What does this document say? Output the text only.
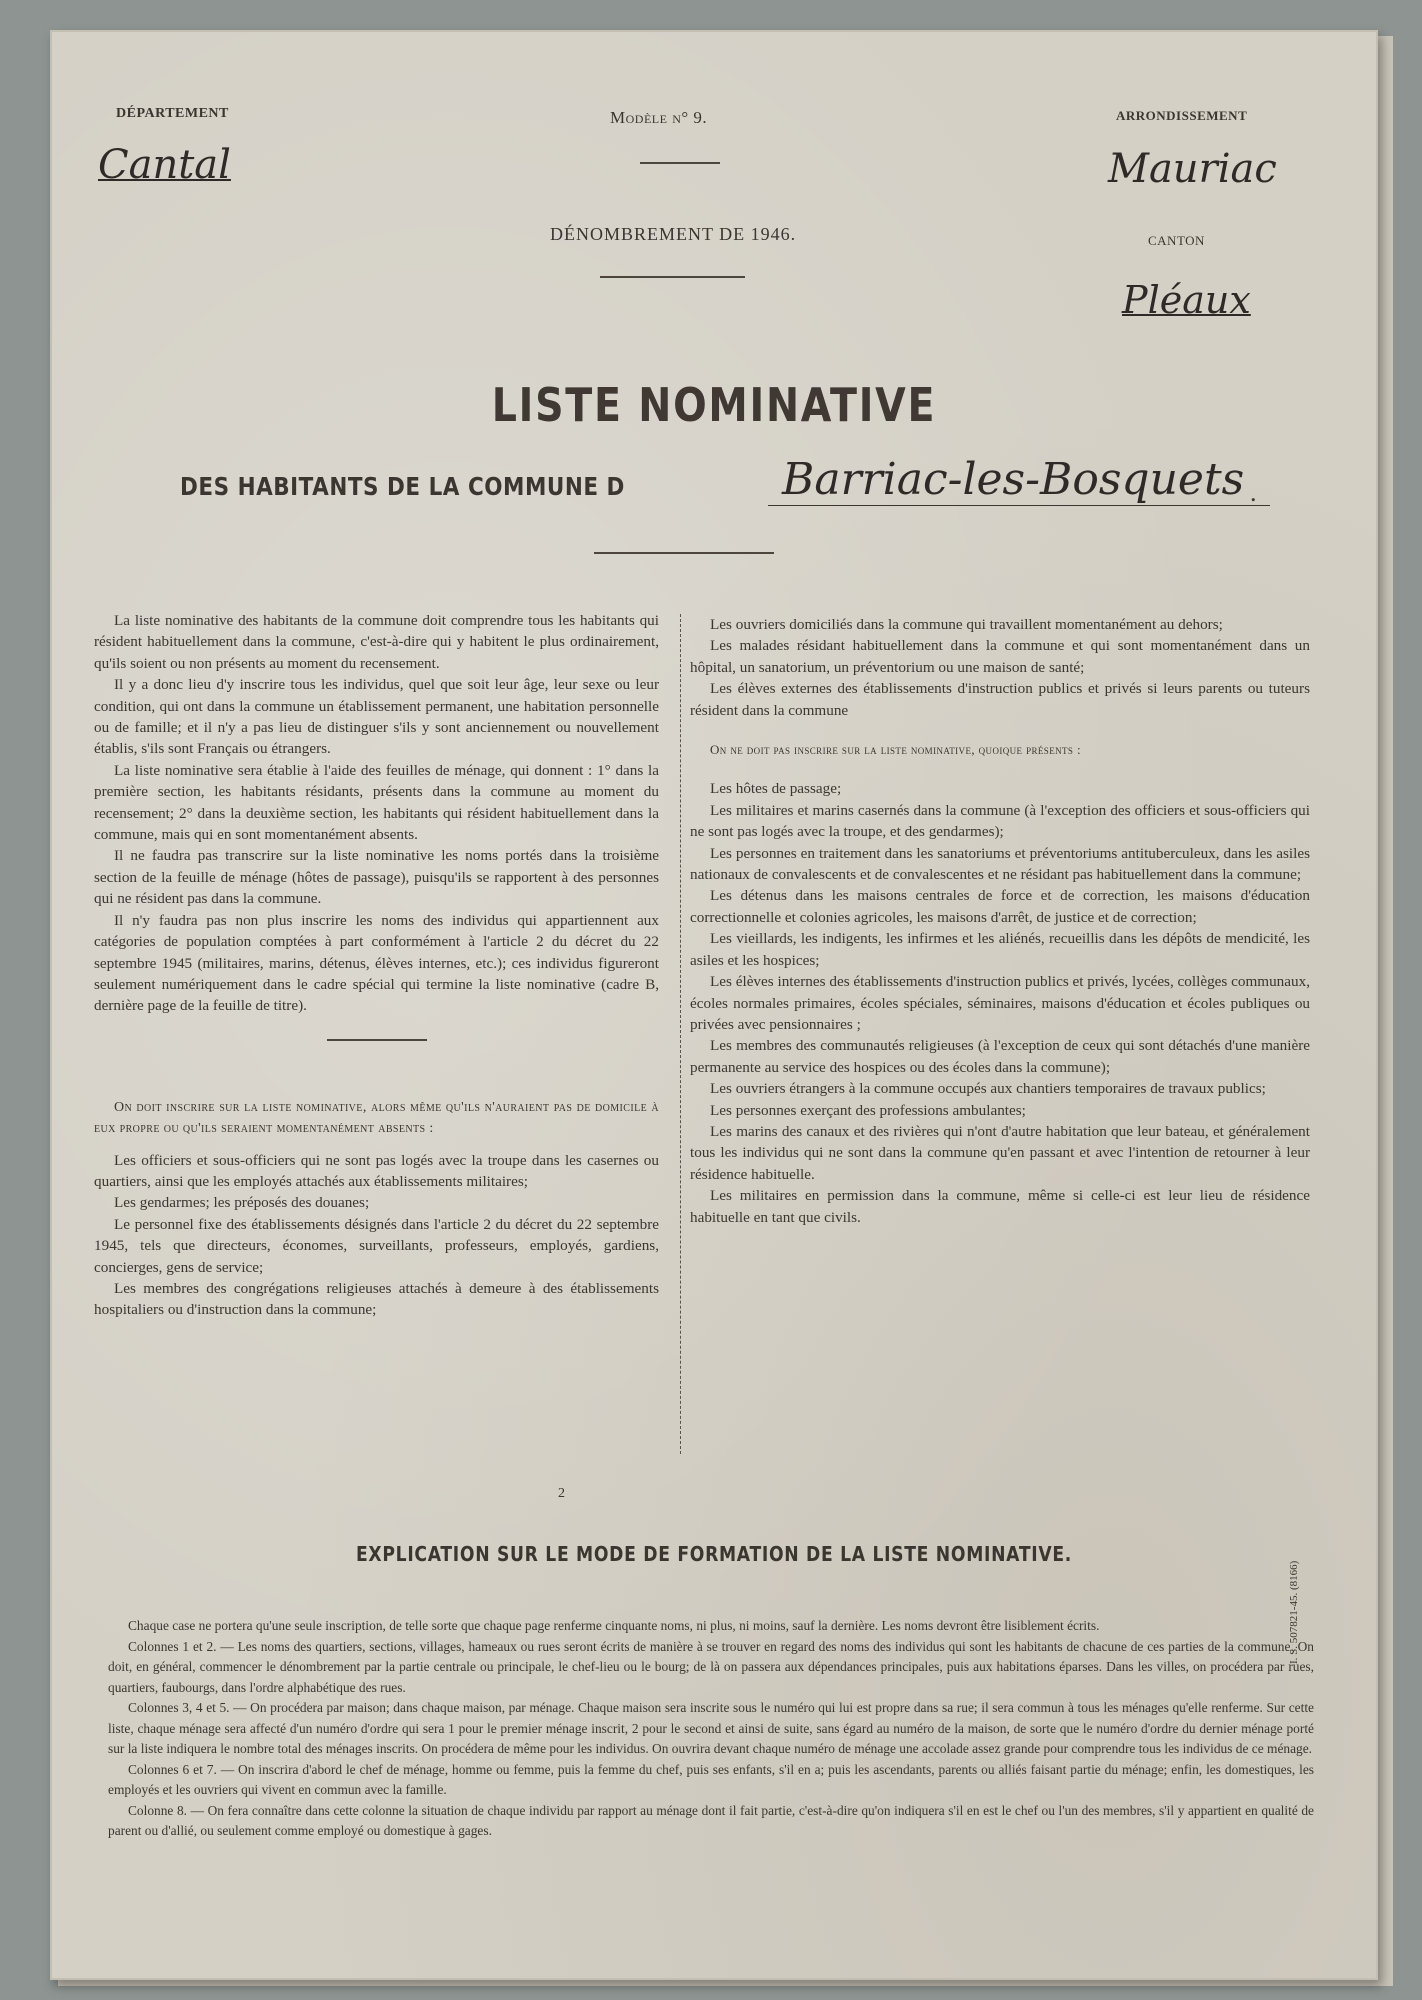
DÉPARTEMENT
Cantal
Modèle n° 9.	ARRONDISSEMENT
Mauriac
DÉNOMBREMENT DE 1946.	CANTON
Pléaux
LISTE NOMINATIVE
DES HABITANTS DE LA COMMUNE D	Barriac-les-Bosquets .

La liste nominative des habitants de la commune doit comprendre tous les habitants qui résident habituellement dans la commune, c'est-à-dire qui y habitent le plus ordinairement, qu'ils soient ou non présents au moment du recensement.

Il y a donc lieu d'y inscrire tous les individus, quel que soit leur âge, leur sexe ou leur condition, qui ont dans la commune un établissement permanent, une habitation personnelle ou de famille; et il n'y a pas lieu de distinguer s'ils y sont anciennement ou nouvellement établis, s'ils sont Français ou étrangers.

La liste nominative sera établie à l'aide des feuilles de ménage, qui donnent : 1° dans la première section, les habitants résidants, présents dans la commune au moment du recensement; 2° dans la deuxième section, les habitants qui résident habituellement dans la commune, mais qui en sont momentanément absents.

Il ne faudra pas transcrire sur la liste nominative les noms portés dans la troisième section de la feuille de ménage (hôtes de passage), puisqu'ils se rapportent à des personnes qui ne résident pas dans la commune.

Il n'y faudra pas non plus inscrire les noms des individus qui appartiennent aux catégories de population comptées à part conformément à l'article 2 du décret du 22 septembre 1945 (militaires, marins, détenus, élèves internes, etc.); ces individus figureront seulement numériquement dans le cadre spécial qui termine la liste nominative (cadre B, dernière page de la feuille de titre).

On doit inscrire sur la liste nominative, alors même qu'ils n'auraient pas de domicile à eux propre ou qu'ils seraient momentanément absents :

Les officiers et sous-officiers qui ne sont pas logés avec la troupe dans les casernes ou quartiers, ainsi que les employés attachés aux établissements militaires;

Les gendarmes; les préposés des douanes;

Le personnel fixe des établissements désignés dans l'article 2 du décret du 22 septembre 1945, tels que directeurs, économes, surveillants, professeurs, employés, gardiens, concierges, gens de service;

Les membres des congrégations religieuses attachés à demeure à des établissements hospitaliers ou d'instruction dans la commune;

Les ouvriers domiciliés dans la commune qui travaillent momentanément au dehors;

Les malades résidant habituellement dans la commune et qui sont momentanément dans un hôpital, un sanatorium, un préventorium ou une maison de santé;

Les élèves externes des établissements d'instruction publics et privés si leurs parents ou tuteurs résident dans la commune

On ne doit pas inscrire sur la liste nominative, quoique présents :

Les hôtes de passage;

Les militaires et marins casernés dans la commune (à l'exception des officiers et sous-officiers qui ne sont pas logés avec la troupe, et des gendarmes);

Les personnes en traitement dans les sanatoriums et préventoriums antituberculeux, dans les asiles nationaux de convalescents et de convalescentes et ne résidant pas habituellement dans la commune;

Les détenus dans les maisons centrales de force et de correction, les maisons d'éducation correctionnelle et colonies agricoles, les maisons d'arrêt, de justice et de correction;

Les vieillards, les indigents, les infirmes et les aliénés, recueillis dans les dépôts de mendicité, les asiles et les hospices;

Les élèves internes des établissements d'instruction publics et privés, lycées, collèges communaux, écoles normales primaires, écoles spéciales, séminaires, maisons d'éducation et écoles publiques ou privées avec pensionnaires ;

Les membres des communautés religieuses (à l'exception de ceux qui sont détachés d'une manière permanente au service des hospices ou des écoles dans la commune);

Les ouvriers étrangers à la commune occupés aux chantiers temporaires de travaux publics;

Les personnes exerçant des professions ambulantes;

Les marins des canaux et des rivières qui n'ont d'autre habitation que leur bateau, et généralement tous les individus qui ne sont dans la commune qu'en passant et avec l'intention de retourner à leur résidence habituelle.

Les militaires en permission dans la commune, même si celle-ci est leur lieu de résidence habituelle en tant que civils.

2
EXPLICATION SUR LE MODE DE FORMATION DE LA LISTE NOMINATIVE.

Chaque case ne portera qu'une seule inscription, de telle sorte que chaque page renferme cinquante noms, ni plus, ni moins, sauf la dernière. Les noms devront être lisiblement écrits.

Colonnes 1 et 2. — Les noms des quartiers, sections, villages, hameaux ou rues seront écrits de manière à se trouver en regard des noms des individus qui sont les habitants de chacune de ces parties de la commune. On doit, en général, commencer le dénombrement par la partie centrale ou principale, le chef-lieu ou le bourg; de là on passera aux dépendances principales, puis aux habitations éparses. Dans les villes, on procédera par rues, quartiers, faubourgs, dans l'ordre alphabétique des rues.

Colonnes 3, 4 et 5. — On procédera par maison; dans chaque maison, par ménage. Chaque maison sera inscrite sous le numéro qui lui est propre dans sa rue; il sera commun à tous les ménages qu'elle renferme. Sur cette liste, chaque ménage sera affecté d'un numéro d'ordre qui sera 1 pour le premier ménage inscrit, 2 pour le second et ainsi de suite, sans égard au numéro de la maison, de sorte que le numéro d'ordre du dernier ménage porté sur la liste indiquera le nombre total des ménages inscrits. On procédera de même pour les individus. On ouvrira devant chaque numéro de ménage une accolade assez grande pour comprendre tous les individus de ce ménage.

Colonnes 6 et 7. — On inscrira d'abord le chef de ménage, homme ou femme, puis la femme du chef, puis ses enfants, s'il en a; puis les ascendants, parents ou alliés faisant partie du ménage; enfin, les domestiques, les employés et les ouvriers qui vivent en commun avec la famille.

Colonne 8. — On fera connaître dans cette colonne la situation de chaque individu par rapport au ménage dont il fait partie, c'est-à-dire qu'on indiquera s'il en est le chef ou l'un des membres, s'il y appartient en qualité de parent ou d'allié, ou seulement comme employé ou domestique à gages.

I. S. 507821-45. (8166)
